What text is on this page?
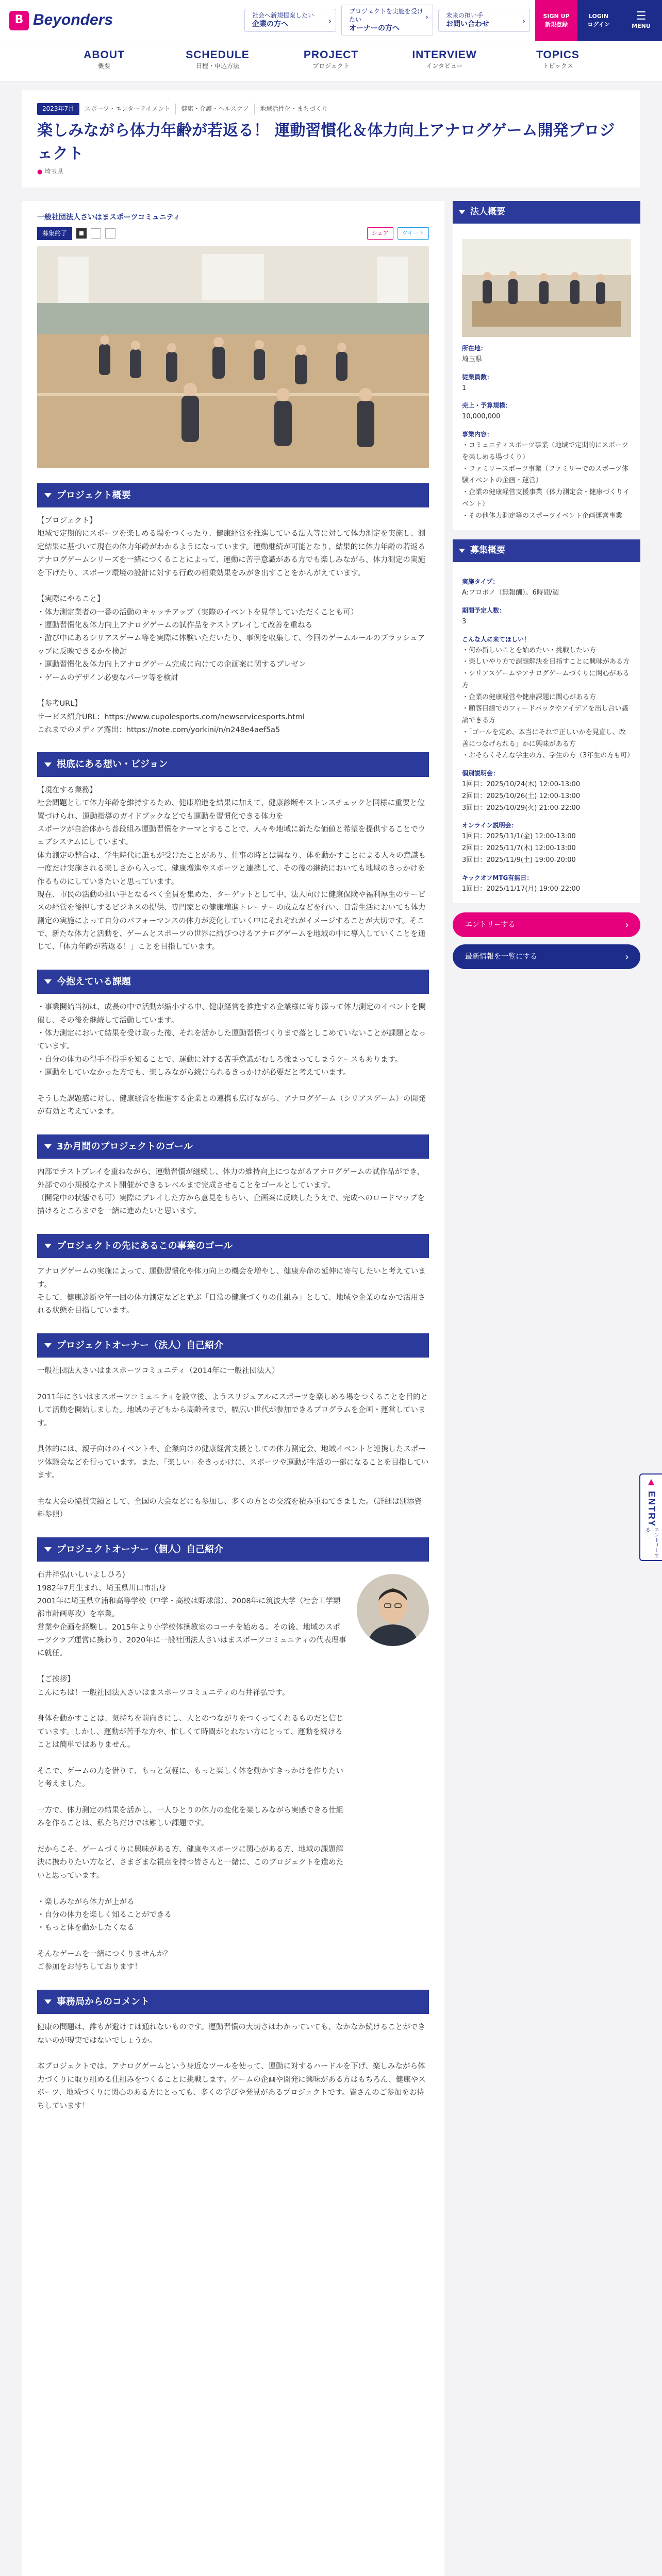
B Beyonders	社会へ新規提案したい
企業の方へ
›
プロジェクトを実施を受けたい
オーナーの方へ
›
未来の担い手
お問い合わせ
›
SIGN UP
新規登録
LOGIN
ログイン
☰
MENU
ABOUT
概要
SCHEDULE
日程・申込方法
PROJECT
プロジェクト
INTERVIEW
インタビュー
TOPICS
トピックス
2023年7月	スポーツ・エンターテイメント	健康・介護・ヘルスケア	地域活性化・まちづくり
楽しみながら体力年齢が若返る！ 運動習慣化＆体力向上アナログゲーム開発プロジェクト
● 埼玉県
一般社団法人さいはまスポーツコミュニティ
募集終了	シェア	ツイート
プロジェクト概要
【プロジェクト】
地域で定期的にスポーツを楽しめる場をつくったり、健康経営を推進している法人等に対して体力測定を実施し、測定結果に基づいて現在の体力年齢がわかるようになっています。運動継続が可能となり、結果的に体力年齢の若返るアナログゲームシリーズを一緒につくることによって、運動に苦手意識がある方でも楽しみながら、体力測定の実施を下げたり、スポーツ環境の設計に対する行政の相乗効果をみがき出すことをかんがえています。

【実際にやること】
・体力測定業者の一番の活動のキャッチアップ（実際のイベントを見学していただくことも可）
・運動習慣化＆体力向上アナログゲームの試作品をテストプレイして改善を重ねる
・游び中にあるシリアスゲーム等を実際に体験いただいたり、事例を収集して、今回のゲームルールのブラッシュアップに反映できるかを検討
・運動習慣化＆体力向上アナログゲーム完成に向けての企画案に関するプレゼン
・ゲームのデザイン必要なパーツ等を検討

【参考URL】
サービス紹介URL：https://www.cupolesports.com/newservicesports.html
これまでのメディア露出：https://note.com/yorkini/n/n248e4aef5a5
根底にある想い・ビジョン
【現在する業務】
社会問題として体力年齢を維持するため、健康増進を結果に加えて、健康診断やストレスチェックと同様に重要と位置づけられ、運動指導のガイドブックなどでも運動を習慣化できる体力を
スポーツが自治体から普段組み運動習慣をテーマとすることで、人々や地域に新たな価値と希望を提供することでウェブシステムにしています。
体力測定の整合は、学生時代に誰もが受けたことがあり、仕事の時とは異なり、体を動かすことによる人々の意識も一度だけ実施される楽しさから入って、健康増進やスポーツと連携して、その後の継続においても地域のきっかけを作るものにしていきたいと思っています。
現在、市民の活動の担い手となるべく全員を集めた、ターゲットとして中、法人向けに健康保険や福利厚生のサービスの経営を後押しするビジネスの提供、専門家との健康増進トレーナーの成立などを行い、日常生活においても体力測定の実施によって自分のパフォーマンスの体力が変化していく中にそれぞれがイメージすることが大切です。そこで、新たな体力と活動を、ゲームとスポーツの世界に結びつけるアナログゲームを地域の中に導入していくことを通じて、「体力年齢が若返る！」ことを目指しています。
今抱えている課題
・事業開始当初は、成長の中で活動が縮小する中、健康経営を推進する企業様に寄り添って体力測定のイベントを開催し、その後を継続して活動しています。
・体力測定において結果を受け取った後、それを活かした運動習慣づくりまで落としこめていないことが課題となっています。
・自分の体力の得手不得手を知ることで、運動に対する苦手意識がむしろ強まってしまうケースもあります。
・運動をしていなかった方でも、楽しみながら続けられるきっかけが必要だと考えています。

そうした課題感に対し、健康経営を推進する企業との連携も広げながら、アナログゲーム（シリアスゲーム）の開発が有効と考えています。
3か月間のプロジェクトのゴール
内部でテストプレイを重ねながら、運動習慣が継続し、体力の維持向上につながるアナログゲームの試作品ができ、外部での小規模なテスト開催ができるレベルまで完成させることをゴールとしています。
（開発中の状態でも可）実際にプレイした方から意見をもらい、企画案に反映したうえで、完成へのロードマップを描けるところまでを一緒に進めたいと思います。
プロジェクトの先にあるこの事業のゴール
アナログゲームの実施によって、運動習慣化や体力向上の機会を増やし、健康寿命の延伸に寄与したいと考えています。
そして、健康診断や年一回の体力測定などと並ぶ「日常の健康づくりの仕組み」として、地域や企業のなかで活用される状態を目指しています。
プロジェクトオーナー（法人）自己紹介
一般社団法人さいはまスポーツコミュニティ（2014年に一般社団法人）

2011年にさいはまスポーツコミュニティを設立後、ようスリジュアルにスポーツを楽しめる場をつくることを目的として活動を開始しました。地域の子どもから高齢者まで、幅広い世代が参加できるプログラムを企画・運営しています。

具体的には、親子向けのイベントや、企業向けの健康経営支援としての体力測定会、地域イベントと連携したスポーツ体験会などを行っています。また、「楽しい」をきっかけに、スポーツや運動が生活の一部になることを目指しています。

主な大会の協賛実績として、全国の大会などにも参加し、多くの方との交流を積み重ねてきました。（詳細は別添資料参照）
プロジェクトオーナー（個人）自己紹介
石井祥弘(いしいよしひろ)
1982年7月生まれ、埼玉県川口市出身
2001年に埼玉県立浦和高等学校（中学・高校は野球部）、2008年に筑波大学（社会工学類都市計画専攻）を卒業。
営業や企画を経験し、2015年より小学校体操教室のコーチを始める。その後、地域のスポーツクラブ運営に携わり、2020年に一般社団法人さいはまスポーツコミュニティの代表理事に就任。

【ご挨拶】
こんにちは！一般社団法人さいはまスポーツコミュニティの石井祥弘です。

身体を動かすことは、気持ちを前向きにし、人とのつながりをつくってくれるものだと信じています。しかし、運動が苦手な方や、忙しくて時間がとれない方にとって、運動を続けることは簡単ではありません。

そこで、ゲームの力を借りて、もっと気軽に、もっと楽しく体を動かすきっかけを作りたいと考えました。

一方で、体力測定の結果を活かし、一人ひとりの体力の変化を楽しみながら実感できる仕組みを作ることは、私たちだけでは難しい課題です。

だからこそ、ゲームづくりに興味がある方、健康やスポーツに関心がある方、地域の課題解決に携わりたい方など、さまざまな視点を持つ皆さんと一緒に、このプロジェクトを進めたいと思っています。

・楽しみながら体力が上がる
・自分の体力を楽しく知ることができる
・もっと体を動かしたくなる

そんなゲームを一緒につくりませんか？
ご参加をお待ちしております！
事務局からのコメント
健康の問題は、誰もが避けては通れないものです。運動習慣の大切さはわかっていても、なかなか続けることができないのが現実ではないでしょうか。

本プロジェクトでは、アナログゲームという身近なツールを使って、運動に対するハードルを下げ、楽しみながら体力づくりに取り組める仕組みをつくることに挑戦します。ゲームの企画や開発に興味がある方はもちろん、健康やスポーツ、地域づくりに関心のある方にとっても、多くの学びや発見があるプロジェクトです。皆さんのご参加をお待ちしています！
法人概要
所在地：
埼玉県
従業員数：
1
売上・予算規模：
10,000,000
事業内容：
・コミュニティスポーツ事業（地域で定期的にスポーツを楽しめる場づくり）
・ファミリースポーツ事業（ファミリーでのスポーツ体験イベントの企画・運営）
・企業の健康経営支援事業（体力測定会・健康づくりイベント）
・その他体力測定等のスポーツイベント企画運営事業
募集概要
実施タイプ：
A:プロボノ（無報酬）、6時間/週
期間予定人数：
3
こんな人に来てほしい！
・何か新しいことを始めたい・挑戦したい方
・楽しいやり方で課題解決を目指すことに興味がある方
・シリアスゲームやアナログゲームづくりに関心がある方
・企業の健康経営や健康課題に関心がある方
・顧客目線でのフィードバックやアイデアを出し合い議論できる方
・「ゴールを定め、本当にそれで正しいかを見直し、改善につなげられる」かに興味がある方
・おそらくそんな学生の方、学生の方（3年生の方も可）
個別説明会：
1回目：2025/10/24(木) 12:00-13:00
2回目：2025/10/26(土) 12:00-13:00
3回目：2025/10/29(火) 21:00-22:00
オンライン説明会：
1回目：2025/11/1(金) 12:00-13:00
2回目：2025/11/7(木) 12:00-13:00
3回目：2025/11/9(土) 19:00-20:00
キックオフMTG有無日：
1回目：2025/11/17(月) 19:00-22:00
エントリーする ›
最新情報を一覧にする ›
▲
ENTRY
エントリーする
